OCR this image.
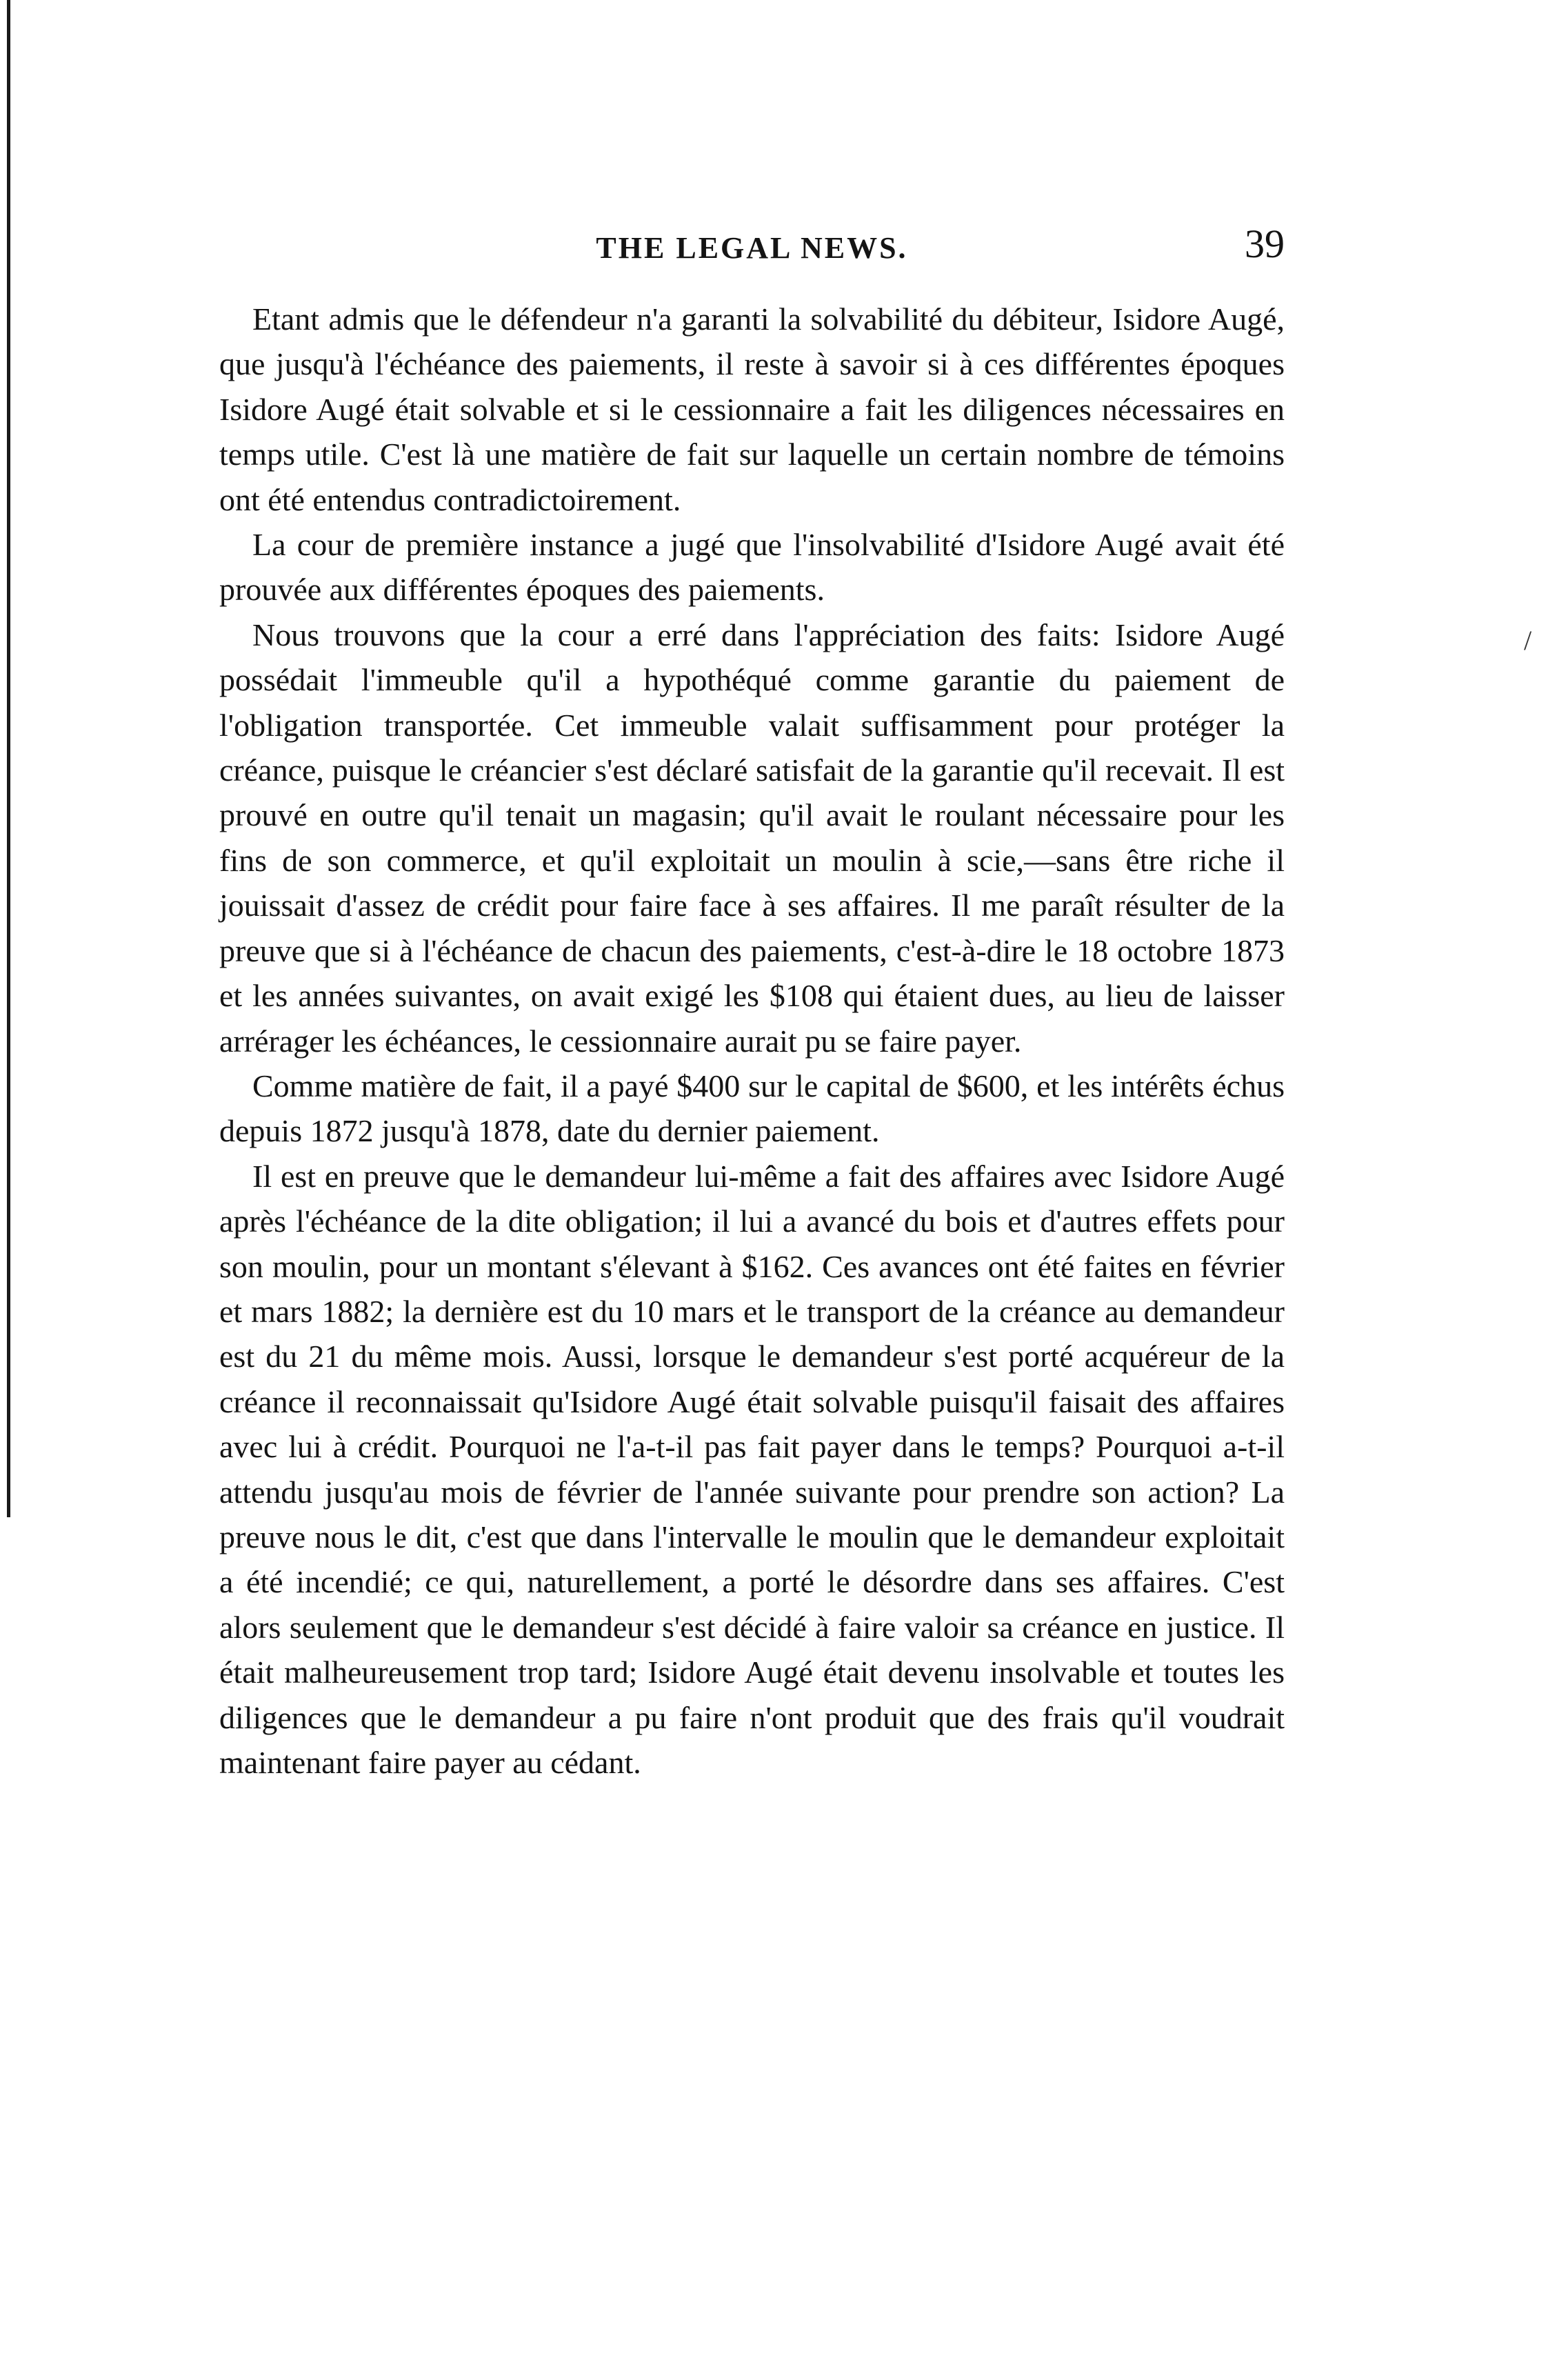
THE LEGAL NEWS.	39

Etant admis que le défendeur n'a garanti la solvabilité du débiteur, Isidore Augé, que jusqu'à l'échéance des paiements, il reste à savoir si à ces différentes époques Isidore Augé était solvable et si le cessionnaire a fait les diligences nécessaires en temps utile. C'est là une matière de fait sur laquelle un certain nombre de témoins ont été entendus contradictoirement.

La cour de première instance a jugé que l'insolvabilité d'Isidore Augé avait été prouvée aux différentes époques des paiements.

Nous trouvons que la cour a erré dans l'appréciation des faits: Isidore Augé possédait l'immeuble qu'il a hypothéqué comme garantie du paiement de l'obligation transportée. Cet immeuble valait suffisamment pour protéger la créance, puisque le créancier s'est déclaré satisfait de la garantie qu'il recevait. Il est prouvé en outre qu'il tenait un magasin; qu'il avait le roulant nécessaire pour les fins de son commerce, et qu'il exploitait un moulin à scie,—sans être riche il jouissait d'assez de crédit pour faire face à ses affaires. Il me paraît résulter de la preuve que si à l'échéance de chacun des paiements, c'est-à-dire le 18 octobre 1873 et les années suivantes, on avait exigé les $108 qui étaient dues, au lieu de laisser arrérager les échéances, le cessionnaire aurait pu se faire payer.

Comme matière de fait, il a payé $400 sur le capital de $600, et les intérêts échus depuis 1872 jusqu'à 1878, date du dernier paiement.

Il est en preuve que le demandeur lui-même a fait des affaires avec Isidore Augé après l'échéance de la dite obligation; il lui a avancé du bois et d'autres effets pour son moulin, pour un montant s'élevant à $162. Ces avances ont été faites en février et mars 1882; la dernière est du 10 mars et le transport de la créance au demandeur est du 21 du même mois. Aussi, lorsque le demandeur s'est porté acquéreur de la créance il reconnaissait qu'Isidore Augé était solvable puisqu'il faisait des affaires avec lui à crédit. Pourquoi ne l'a-t-il pas fait payer dans le temps? Pourquoi a-t-il attendu jusqu'au mois de février de l'année suivante pour prendre son action? La preuve nous le dit, c'est que dans l'intervalle le moulin que le demandeur exploitait a été incendié; ce qui, naturellement, a porté le désordre dans ses affaires. C'est alors seulement que le demandeur s'est décidé à faire valoir sa créance en justice. Il était malheureusement trop tard; Isidore Augé était devenu insolvable et toutes les diligences que le demandeur a pu faire n'ont produit que des frais qu'il voudrait maintenant faire payer au cédant.

/
